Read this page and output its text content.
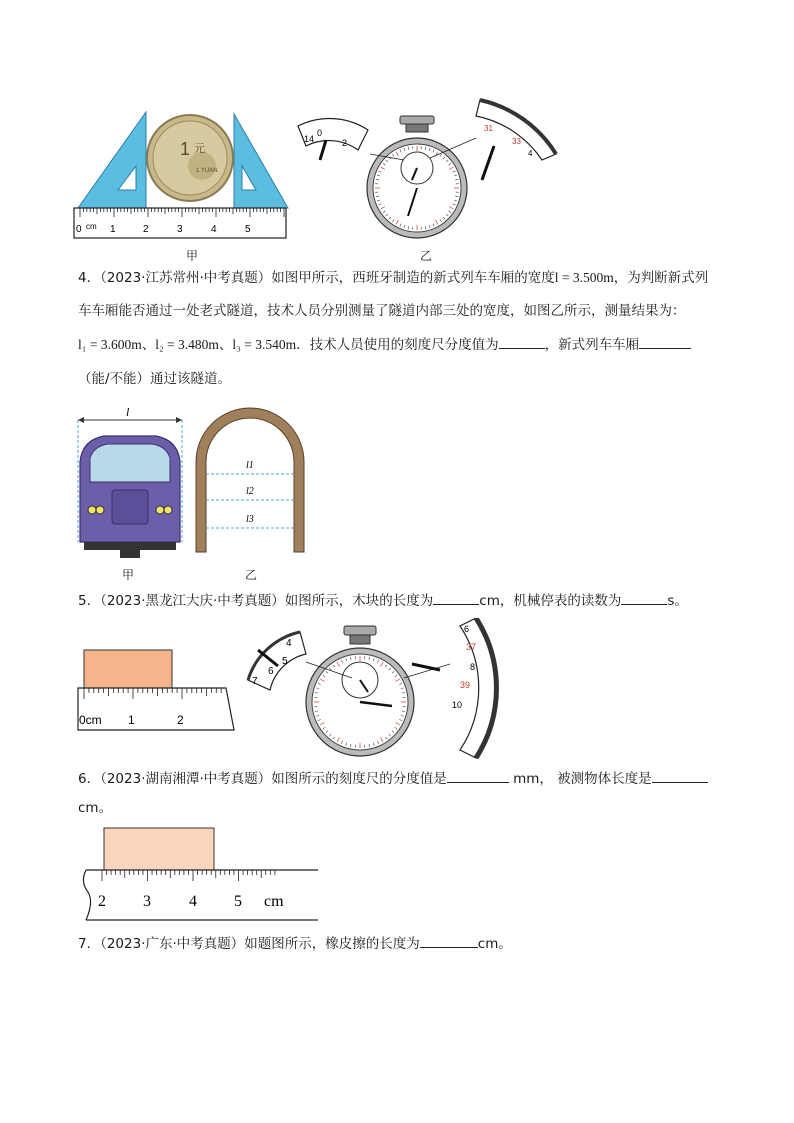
1 元
1 YUAN
0 cm 1	2	3	4	5
甲
14
0
2
31
33
4
乙
4．（2023·江苏常州·中考真题）如图甲所示，西班牙制造的新式列车车厢的宽度l = 3.500m，为判断新式列
车车厢能否通过一处老式隧道，技术人员分别测量了隧道内部三处的宽度，如图乙所示，测量结果为：
l₁ = 3.600m、l₂ = 3.480m、l₃ = 3.540m．技术人员使用的刻度尺分度值为	，新式列车车厢
（能/不能）通过该隧道。
l
甲
l1
l2
l3
乙
5．（2023·黑龙江大庆·中考真题）如图所示，木块的长度为	cm，机械停表的读数为	s。
0cm 1	2
4
5
6
7
6
37
8
39
10
6．（2023·湖南湘潭·中考真题）如图所示的刻度尺的分度值是	mm， 被测物体长度是
cm。
2 3 4 5 cm
7．（2023·广东·中考真题）如题图所示，橡皮擦的长度为	cm。
